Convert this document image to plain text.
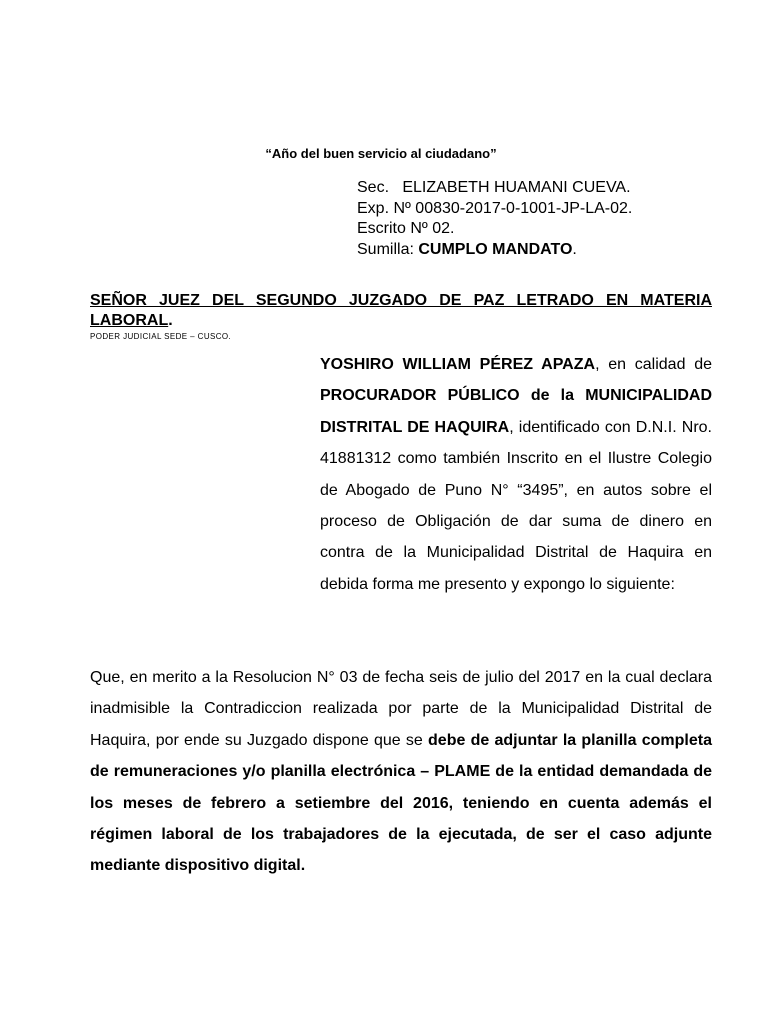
“Año del buen servicio al ciudadano”
Sec. ELIZABETH HUAMANI CUEVA.
Exp. Nº 00830-2017-0-1001-JP-LA-02.
Escrito Nº 02.
Sumilla: CUMPLO MANDATO.
SEÑOR JUEZ DEL SEGUNDO JUZGADO DE PAZ LETRADO EN MATERIA LABORAL.
PODER JUDICIAL SEDE – CUSCO.
YOSHIRO WILLIAM PÉREZ APAZA, en calidad de PROCURADOR PÚBLICO de la MUNICIPALIDAD DISTRITAL DE HAQUIRA, identificado con D.N.I. Nro. 41881312 como también Inscrito en el Ilustre Colegio de Abogado de Puno N° “3495”, en autos sobre el proceso de Obligación de dar suma de dinero en contra de la Municipalidad Distrital de Haquira en debida forma me presento y expongo lo siguiente:
Que, en merito a la Resolucion N° 03 de fecha seis de julio del 2017 en la cual declara inadmisible la Contradiccion realizada por parte de la Municipalidad Distrital de Haquira, por ende su Juzgado dispone que se debe de adjuntar la planilla completa de remuneraciones y/o planilla electrónica – PLAME de la entidad demandada de los meses de febrero a setiembre del 2016, teniendo en cuenta además el régimen laboral de los trabajadores de la ejecutada, de ser el caso adjunte mediante dispositivo digital.
